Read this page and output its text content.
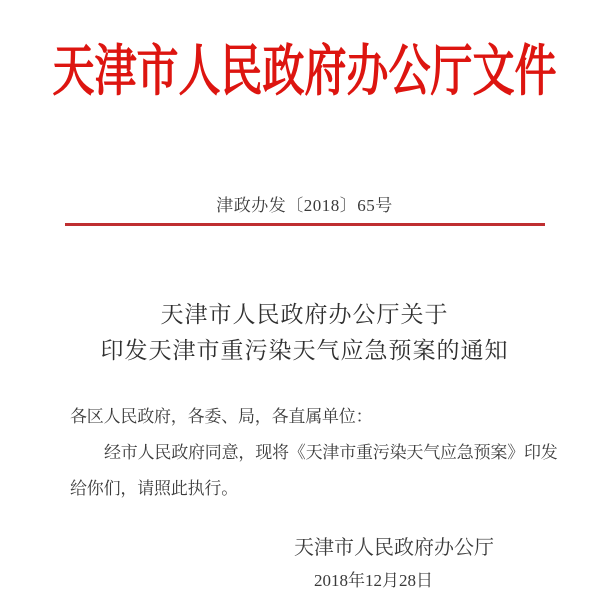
天津市人民政府办公厅文件
津政办发〔2018〕65号
天津市人民政府办公厅关于
印发天津市重污染天气应急预案的通知
各区人民政府，各委、局，各直属单位：
经市人民政府同意，现将《天津市重污染天气应急预案》印发
给你们，请照此执行。
天津市人民政府办公厅
2018年12月28日
